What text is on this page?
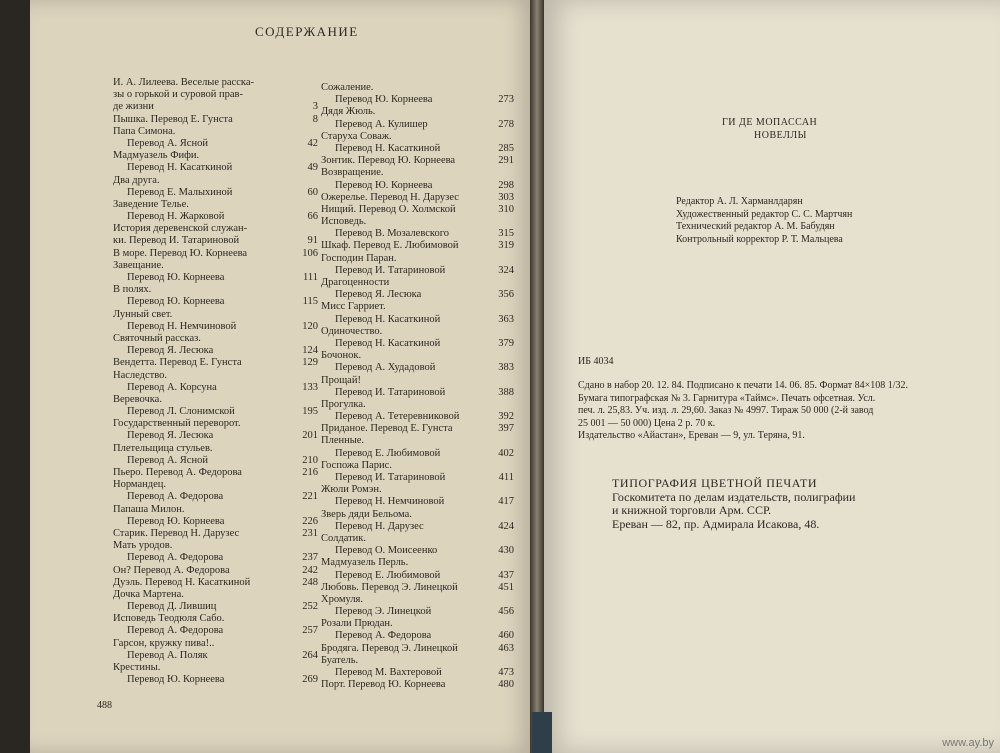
СОДЕРЖАНИЕ
И. А. Лилеева. Веселые расска-
зы о горькой и суровой прав-
де жизни	3
Пышка. Перевод Е. Гунста	8
Папа Симона.
Перевод А. Ясной	42
Мадмуазель Фифи.
Перевод Н. Касаткиной	49
Два друга.
Перевод Е. Малыхиной	60
Заведение Телье.
Перевод Н. Жарковой	66
История деревенской служан-
ки. Перевод И. Татариновой	91
В море. Перевод Ю. Корнеева	106
Завещание.
Перевод Ю. Корнеева	111
В полях.
Перевод Ю. Корнеева	115
Лунный свет.
Перевод Н. Немчиновой	120
Святочный рассказ.
Перевод Я. Лесюка	124
Вендетта. Перевод Е. Гунста	129
Наследство.
Перевод А. Корсуна	133
Веревочка.
Перевод Л. Слонимской	195
Государственный переворот.
Перевод Я. Лесюка	201
Плетельщица стульев.
Перевод А. Ясной	210
Пьеро. Перевод А. Федорова	216
Нормандец.
Перевод А. Федорова	221
Папаша Милон.
Перевод Ю. Корнеева	226
Старик. Перевод Н. Дарузес	231
Мать уродов.
Перевод А. Федорова	237
Он? Перевод А. Федорова	242
Дуэль. Перевод Н. Касаткиной	248
Дочка Мартена.
Перевод Д. Лившиц	252
Исповедь Теодюля Сабо.
Перевод А. Федорова	257
Гарсон, кружку пива!..
Перевод А. Поляк	264
Крестины.
Перевод Ю. Корнеева	269
Сожаление.
Перевод Ю. Корнеева	273
Дядя Жюль.
Перевод А. Кулишер	278
Старуха Соваж.
Перевод Н. Касаткиной	285
Зонтик. Перевод Ю. Корнеева	291
Возвращение.
Перевод Ю. Корнеева	298
Ожерелье. Перевод Н. Дарузес	303
Нищий. Перевод О. Холмской	310
Исповедь.
Перевод В. Мозалевского	315
Шкаф. Перевод Е. Любимовой	319
Господин Паран.
Перевод И. Татариновой	324
Драгоценности
Перевод Я. Лесюка	356
Мисс Гарриет.
Перевод Н. Касаткиной	363
Одиночество.
Перевод Н. Касаткиной	379
Бочонок.
Перевод А. Худадовой	383
Прощай!
Перевод И. Татариновой	388
Прогулка.
Перевод А. Тетеревниковой	392
Приданое. Перевод Е. Гунста	397
Пленные.
Перевод Е. Любимовой	402
Госпожа Парис.
Перевод И. Татариновой	411
Жюли Ромэн.
Перевод Н. Немчиновой	417
Зверь дяди Бельома.
Перевод Н. Дарузес	424
Солдатик.
Перевод О. Моисеенко	430
Мадмуазель Перль.
Перевод Е. Любимовой	437
Любовь. Перевод Э. Линецкой	451
Хромуля.
Перевод Э. Линецкой	456
Розали Прюдан.
Перевод А. Федорова	460
Бродяга. Перевод Э. Линецкой	463
Буатель.
Перевод М. Вахтеровой	473
Порт. Перевод Ю. Корнеева	480
488
ГИ ДЕ МОПАССАН
НОВЕЛЛЫ
Редактор А. Л. Харманлдарян
Художественный редактор С. С. Мартчян
Технический редактор А. М. Бабудян
Контрольный корректор Р. Т. Мальцева
ИБ 4034
Сдано в набор 20. 12. 84. Подписано к печати 14. 06. 85. Формат 84×108 1/32.
Бумага типографская № 3. Гарнитура «Таймс». Печать офсетная. Усл.
печ. л. 25,83. Уч. изд. л. 29,60. Заказ № 4997. Тираж 50 000 (2-й завод
25 001 — 50 000) Цена 2 р. 70 к.
Издательство «Айастан», Ереван — 9, ул. Теряна, 91.
ТИПОГРАФИЯ ЦВЕТНОЙ ПЕЧАТИ
Госкомитета по делам издательств, полиграфии
и книжной торговли Арм. ССР.
Ереван — 82, пр. Адмирала Исакова, 48.
www.ay.by
